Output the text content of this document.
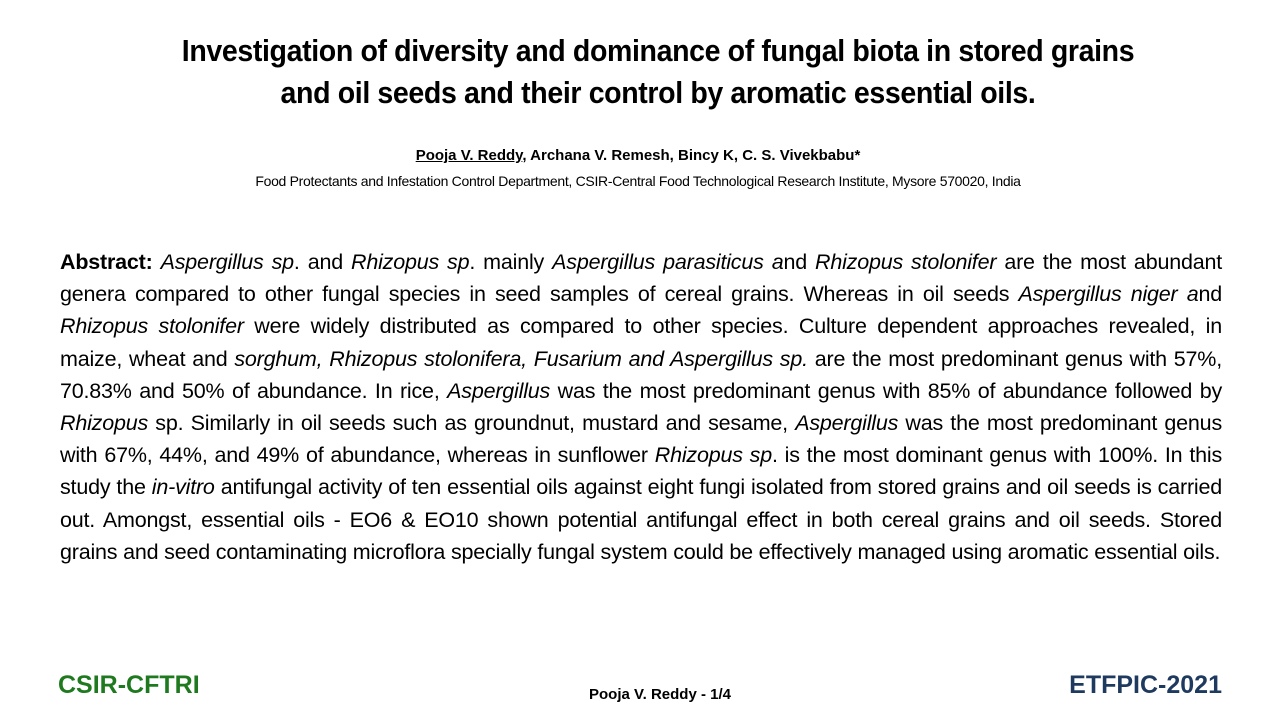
Investigation of diversity and dominance of fungal biota in stored grains
and oil seeds and their control by aromatic essential oils.
Pooja V. Reddy, Archana V. Remesh, Bincy K, C. S. Vivekbabu*
Food Protectants and Infestation Control Department, CSIR-Central Food Technological Research Institute, Mysore 570020, India
Abstract: Aspergillus sp. and Rhizopus sp. mainly Aspergillus parasiticus and Rhizopus stolonifer are the most abundant genera compared to other fungal species in seed samples of cereal grains. Whereas in oil seeds Aspergillus niger and Rhizopus stolonifer were widely distributed as compared to other species. Culture dependent approaches revealed, in maize, wheat and sorghum, Rhizopus stolonifera, Fusarium and Aspergillus sp. are the most predominant genus with 57%, 70.83% and 50% of abundance. In rice, Aspergillus was the most predominant genus with 85% of abundance followed by Rhizopus sp. Similarly in oil seeds such as groundnut, mustard and sesame, Aspergillus was the most predominant genus with 67%, 44%, and 49% of abundance, whereas in sunflower Rhizopus sp. is the most dominant genus with 100%. In this study the in-vitro antifungal activity of ten essential oils against eight fungi isolated from stored grains and oil seeds is carried out. Amongst, essential oils - EO6 & EO10 shown potential antifungal effect in both cereal grains and oil seeds. Stored grains and seed contaminating microflora specially fungal system could be effectively managed using aromatic essential oils.
CSIR-CFTRI	Pooja V. Reddy - 1/4	ETFPIC-2021
